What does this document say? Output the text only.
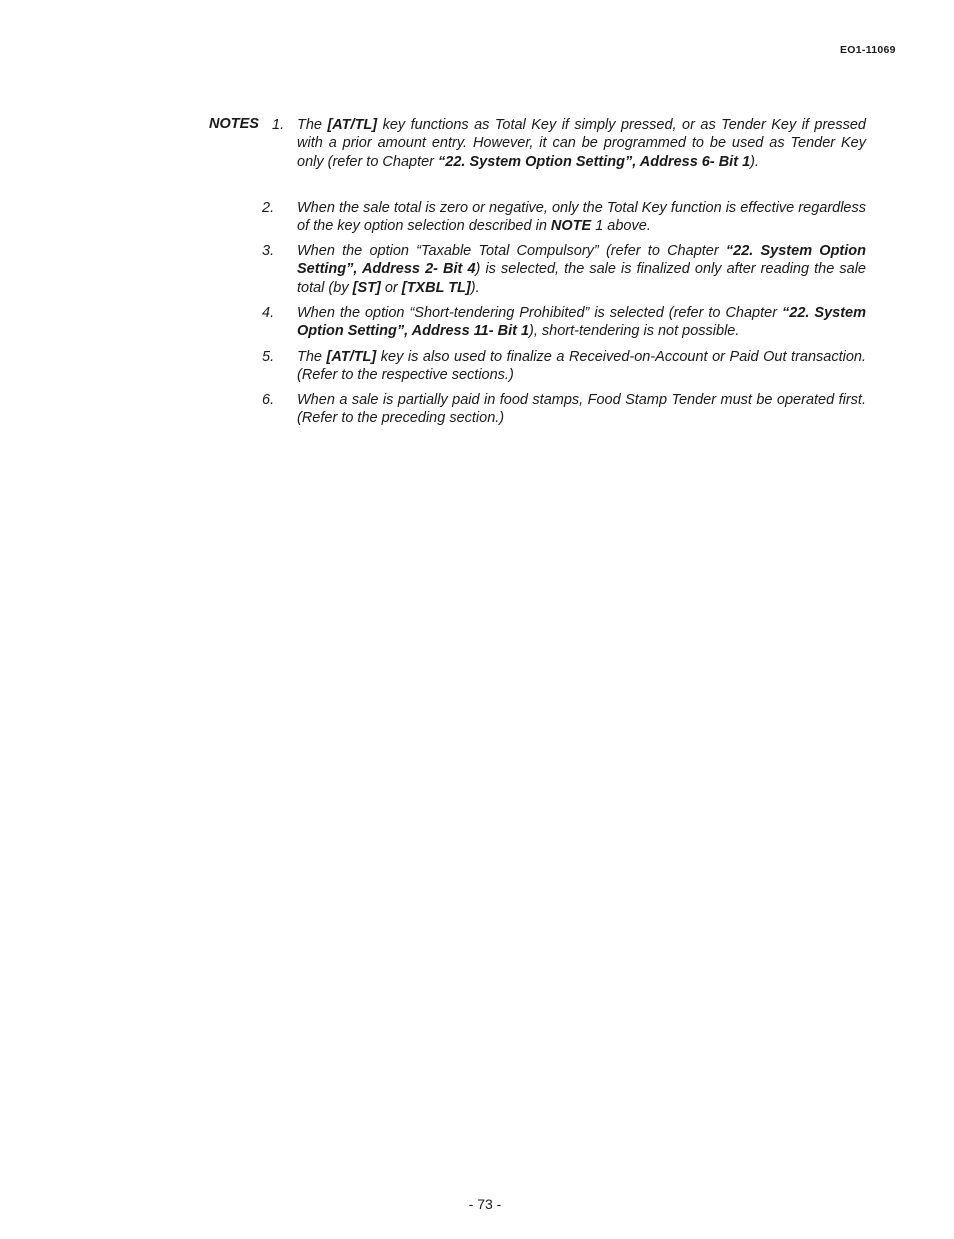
EO1-11069
NOTES 1. The [AT/TL] key functions as Total Key if simply pressed, or as Tender Key if pressed with a prior amount entry. However, it can be programmed to be used as Tender Key only (refer to Chapter “22. System Option Setting”, Address 6- Bit 1).
2.	When the sale total is zero or negative, only the Total Key function is effective regardless of the key option selection described in NOTE 1 above.
3.	When the option “Taxable Total Compulsory” (refer to Chapter “22. System Option Setting”, Address 2- Bit 4) is selected, the sale is finalized only after reading the sale total (by [ST] or [TXBL TL]).
4.	When the option “Short-tendering Prohibited” is selected (refer to Chapter “22. System Option Setting”, Address 11- Bit 1), short-tendering is not possible.
5.	The [AT/TL] key is also used to finalize a Received-on-Account or Paid Out transaction. (Refer to the respective sections.)
6.	When a sale is partially paid in food stamps, Food Stamp Tender must be operated first. (Refer to the preceding section.)
- 73 -
